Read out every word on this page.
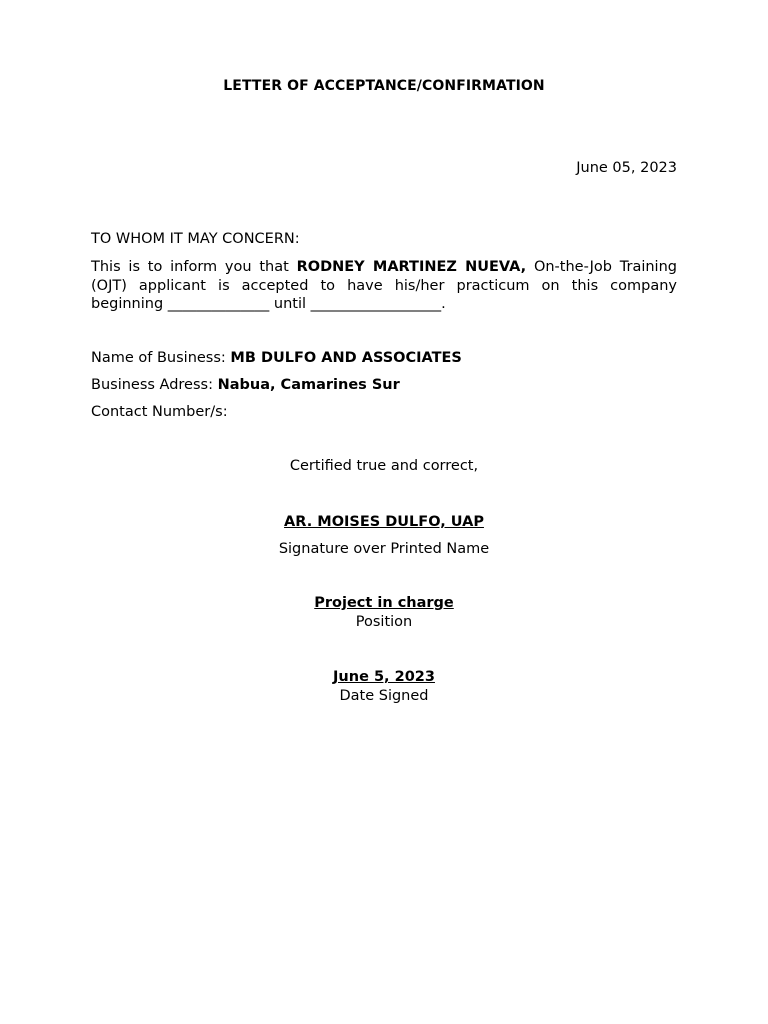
LETTER OF ACCEPTANCE/CONFIRMATION
June 05, 2023
TO WHOM IT MAY CONCERN:
This is to inform you that RODNEY MARTINEZ NUEVA, On-the-Job Training (OJT) applicant is accepted to have his/her practicum on this company beginning ______________ until __________________.
Name of Business: MB DULFO AND ASSOCIATES
Business Adress: Nabua, Camarines Sur
Contact Number/s:
Certified true and correct,
AR. MOISES DULFO, UAP
Signature over Printed Name
Project in charge
Position
June 5, 2023
Date Signed
